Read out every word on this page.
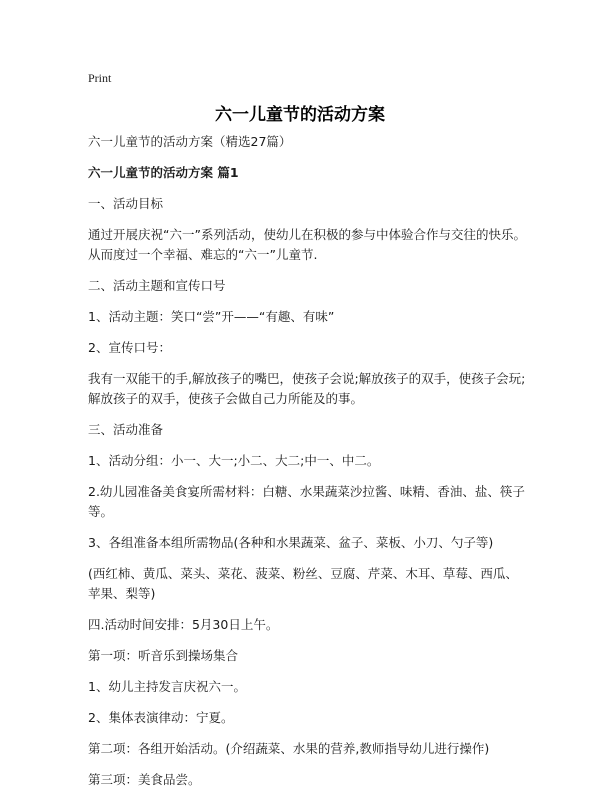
Print
六一儿童节的活动方案

六一儿童节的活动方案（精选27篇）

六一儿童节的活动方案 篇1

一、活动目标

通过开展庆祝“六一”系列活动，使幼儿在积极的参与中体验合作与交往的快乐。从而度过一个幸福、难忘的“六一”儿童节.

二、活动主题和宣传口号

1、活动主题：笑口“尝”开——“有趣、有味”

2、宣传口号：

我有一双能干的手,解放孩子的嘴巴，使孩子会说;解放孩子的双手，使孩子会玩;解放孩子的双手，使孩子会做自己力所能及的事。

三、活动准备

1、活动分组：小一、大一;小二、大二;中一、中二。

2.幼儿园准备美食宴所需材料：白糖、水果蔬菜沙拉酱、味精、香油、盐、筷子等。

3、各组准备本组所需物品(各种和水果蔬菜、盆子、菜板、小刀、勺子等)

(西红柿、黄瓜、菜头、菜花、菠菜、粉丝、豆腐、芹菜、木耳、草莓、西瓜、苹果、梨等)

四.活动时间安排：5月30日上午。

第一项：听音乐到操场集合

1、幼儿主持发言庆祝六一。

2、集体表演律动：宁夏。

第二项：各组开始活动。(介绍蔬菜、水果的营养,教师指导幼儿进行操作)

第三项：美食品尝。
